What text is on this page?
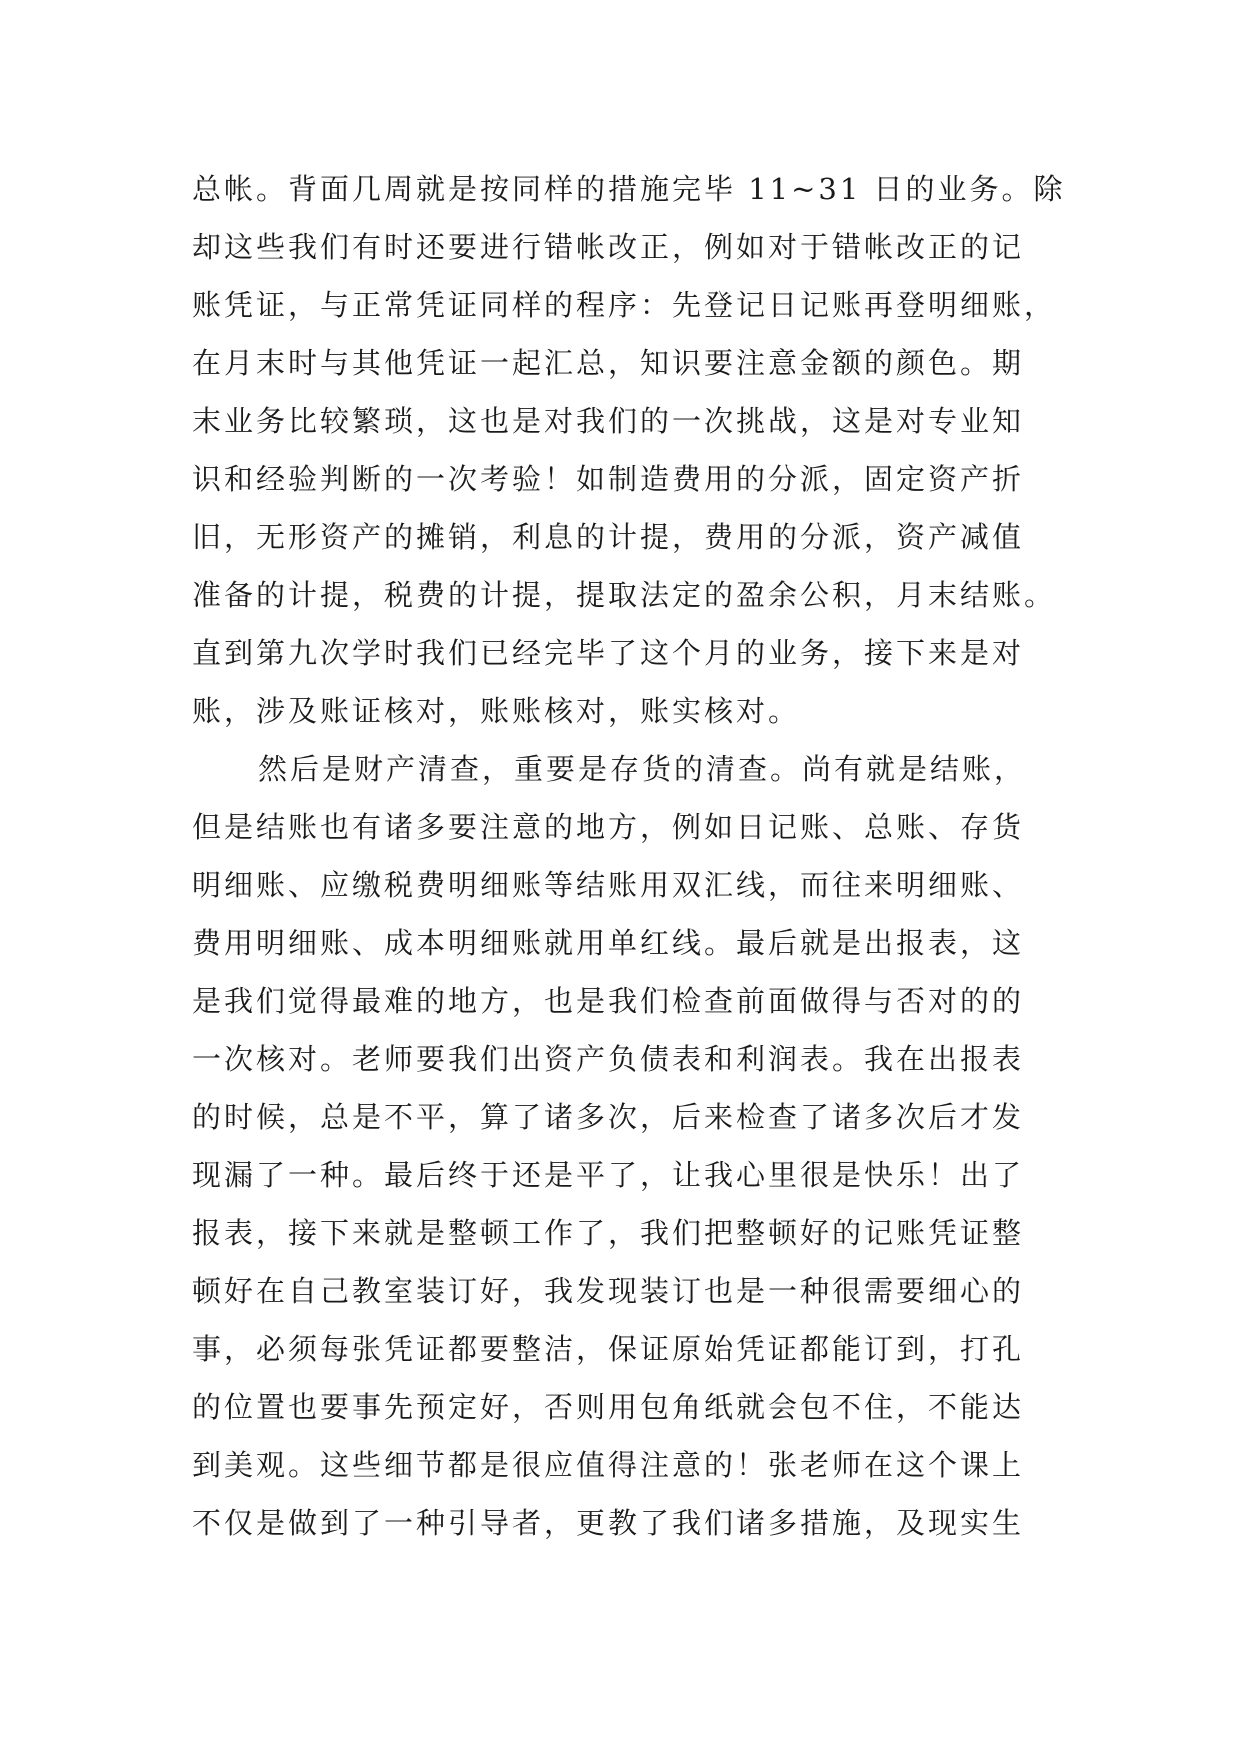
总帐。背面几周就是按同样的措施完毕 11~31 日的业务。除
却这些我们有时还要进行错帐改正，例如对于错帐改正的记
账凭证，与正常凭证同样的程序：先登记日记账再登明细账，
在月末时与其他凭证一起汇总，知识要注意金额的颜色。期
末业务比较繁琐，这也是对我们的一次挑战，这是对专业知
识和经验判断的一次考验！如制造费用的分派，固定资产折
旧，无形资产的摊销，利息的计提，费用的分派，资产减值
准备的计提，税费的计提，提取法定的盈余公积，月末结账。
直到第九次学时我们已经完毕了这个月的业务，接下来是对
账，涉及账证核对，账账核对，账实核对。
然后是财产清查，重要是存货的清查。尚有就是结账，
但是结账也有诸多要注意的地方，例如日记账、总账、存货
明细账、应缴税费明细账等结账用双汇线，而往来明细账、
费用明细账、成本明细账就用单红线。最后就是出报表，这
是我们觉得最难的地方，也是我们检查前面做得与否对的的
一次核对。老师要我们出资产负债表和利润表。我在出报表
的时候，总是不平，算了诸多次，后来检查了诸多次后才发
现漏了一种。最后终于还是平了，让我心里很是快乐！出了
报表，接下来就是整顿工作了，我们把整顿好的记账凭证整
顿好在自己教室装订好，我发现装订也是一种很需要细心的
事，必须每张凭证都要整洁，保证原始凭证都能订到，打孔
的位置也要事先预定好，否则用包角纸就会包不住，不能达
到美观。这些细节都是很应值得注意的！张老师在这个课上
不仅是做到了一种引导者，更教了我们诸多措施，及现实生
